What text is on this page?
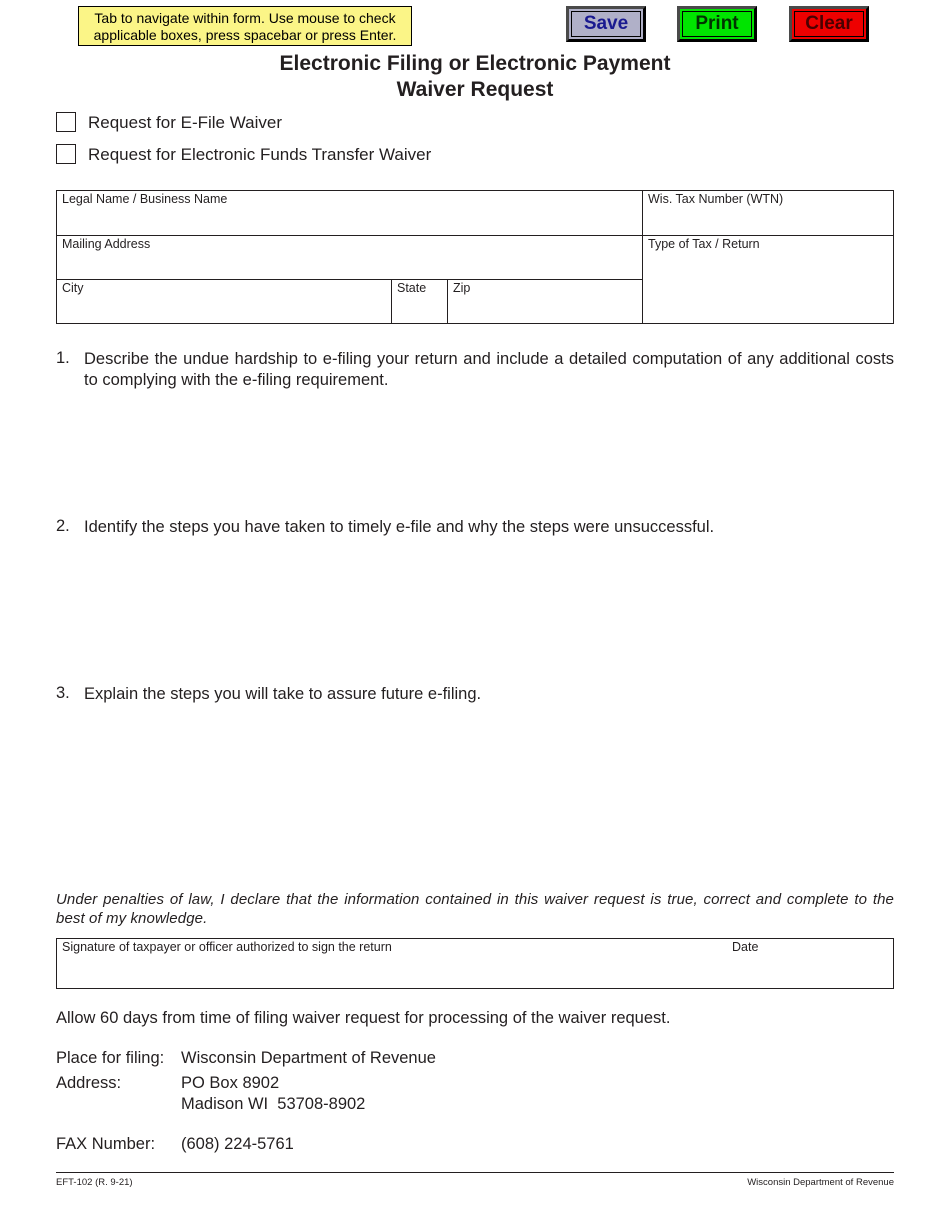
Tab to navigate within form. Use mouse to check
applicable boxes, press spacebar or press Enter.
Save	Print	Clear
Electronic Filing or Electronic Payment
Waiver Request
Request for E-File Waiver
Request for Electronic Funds Transfer Waiver
Legal Name / Business Name	Wis. Tax Number (WTN)
Mailing Address	Type of Tax / Return
City	State Zip
1. Describe the undue hardship to e-filing your return and include a detailed computation of any additional costs to complying with the e-filing requirement.
2. Identify the steps you have taken to timely e-file and why the steps were unsuccessful.
3. Explain the steps you will take to assure future e-filing.
Under penalties of law, I declare that the information contained in this waiver request is true, correct and complete to the best of my knowledge.
Signature of taxpayer or officer authorized to sign the return	Date
Allow 60 days from time of filing waiver request for processing of the waiver request.
Place for filing: Wisconsin Department of Revenue
Address:	PO Box 8902
Madison WI  53708-8902
FAX Number: (608) 224-5761
EFT-102 (R. 9-21)	Wisconsin Department of Revenue
